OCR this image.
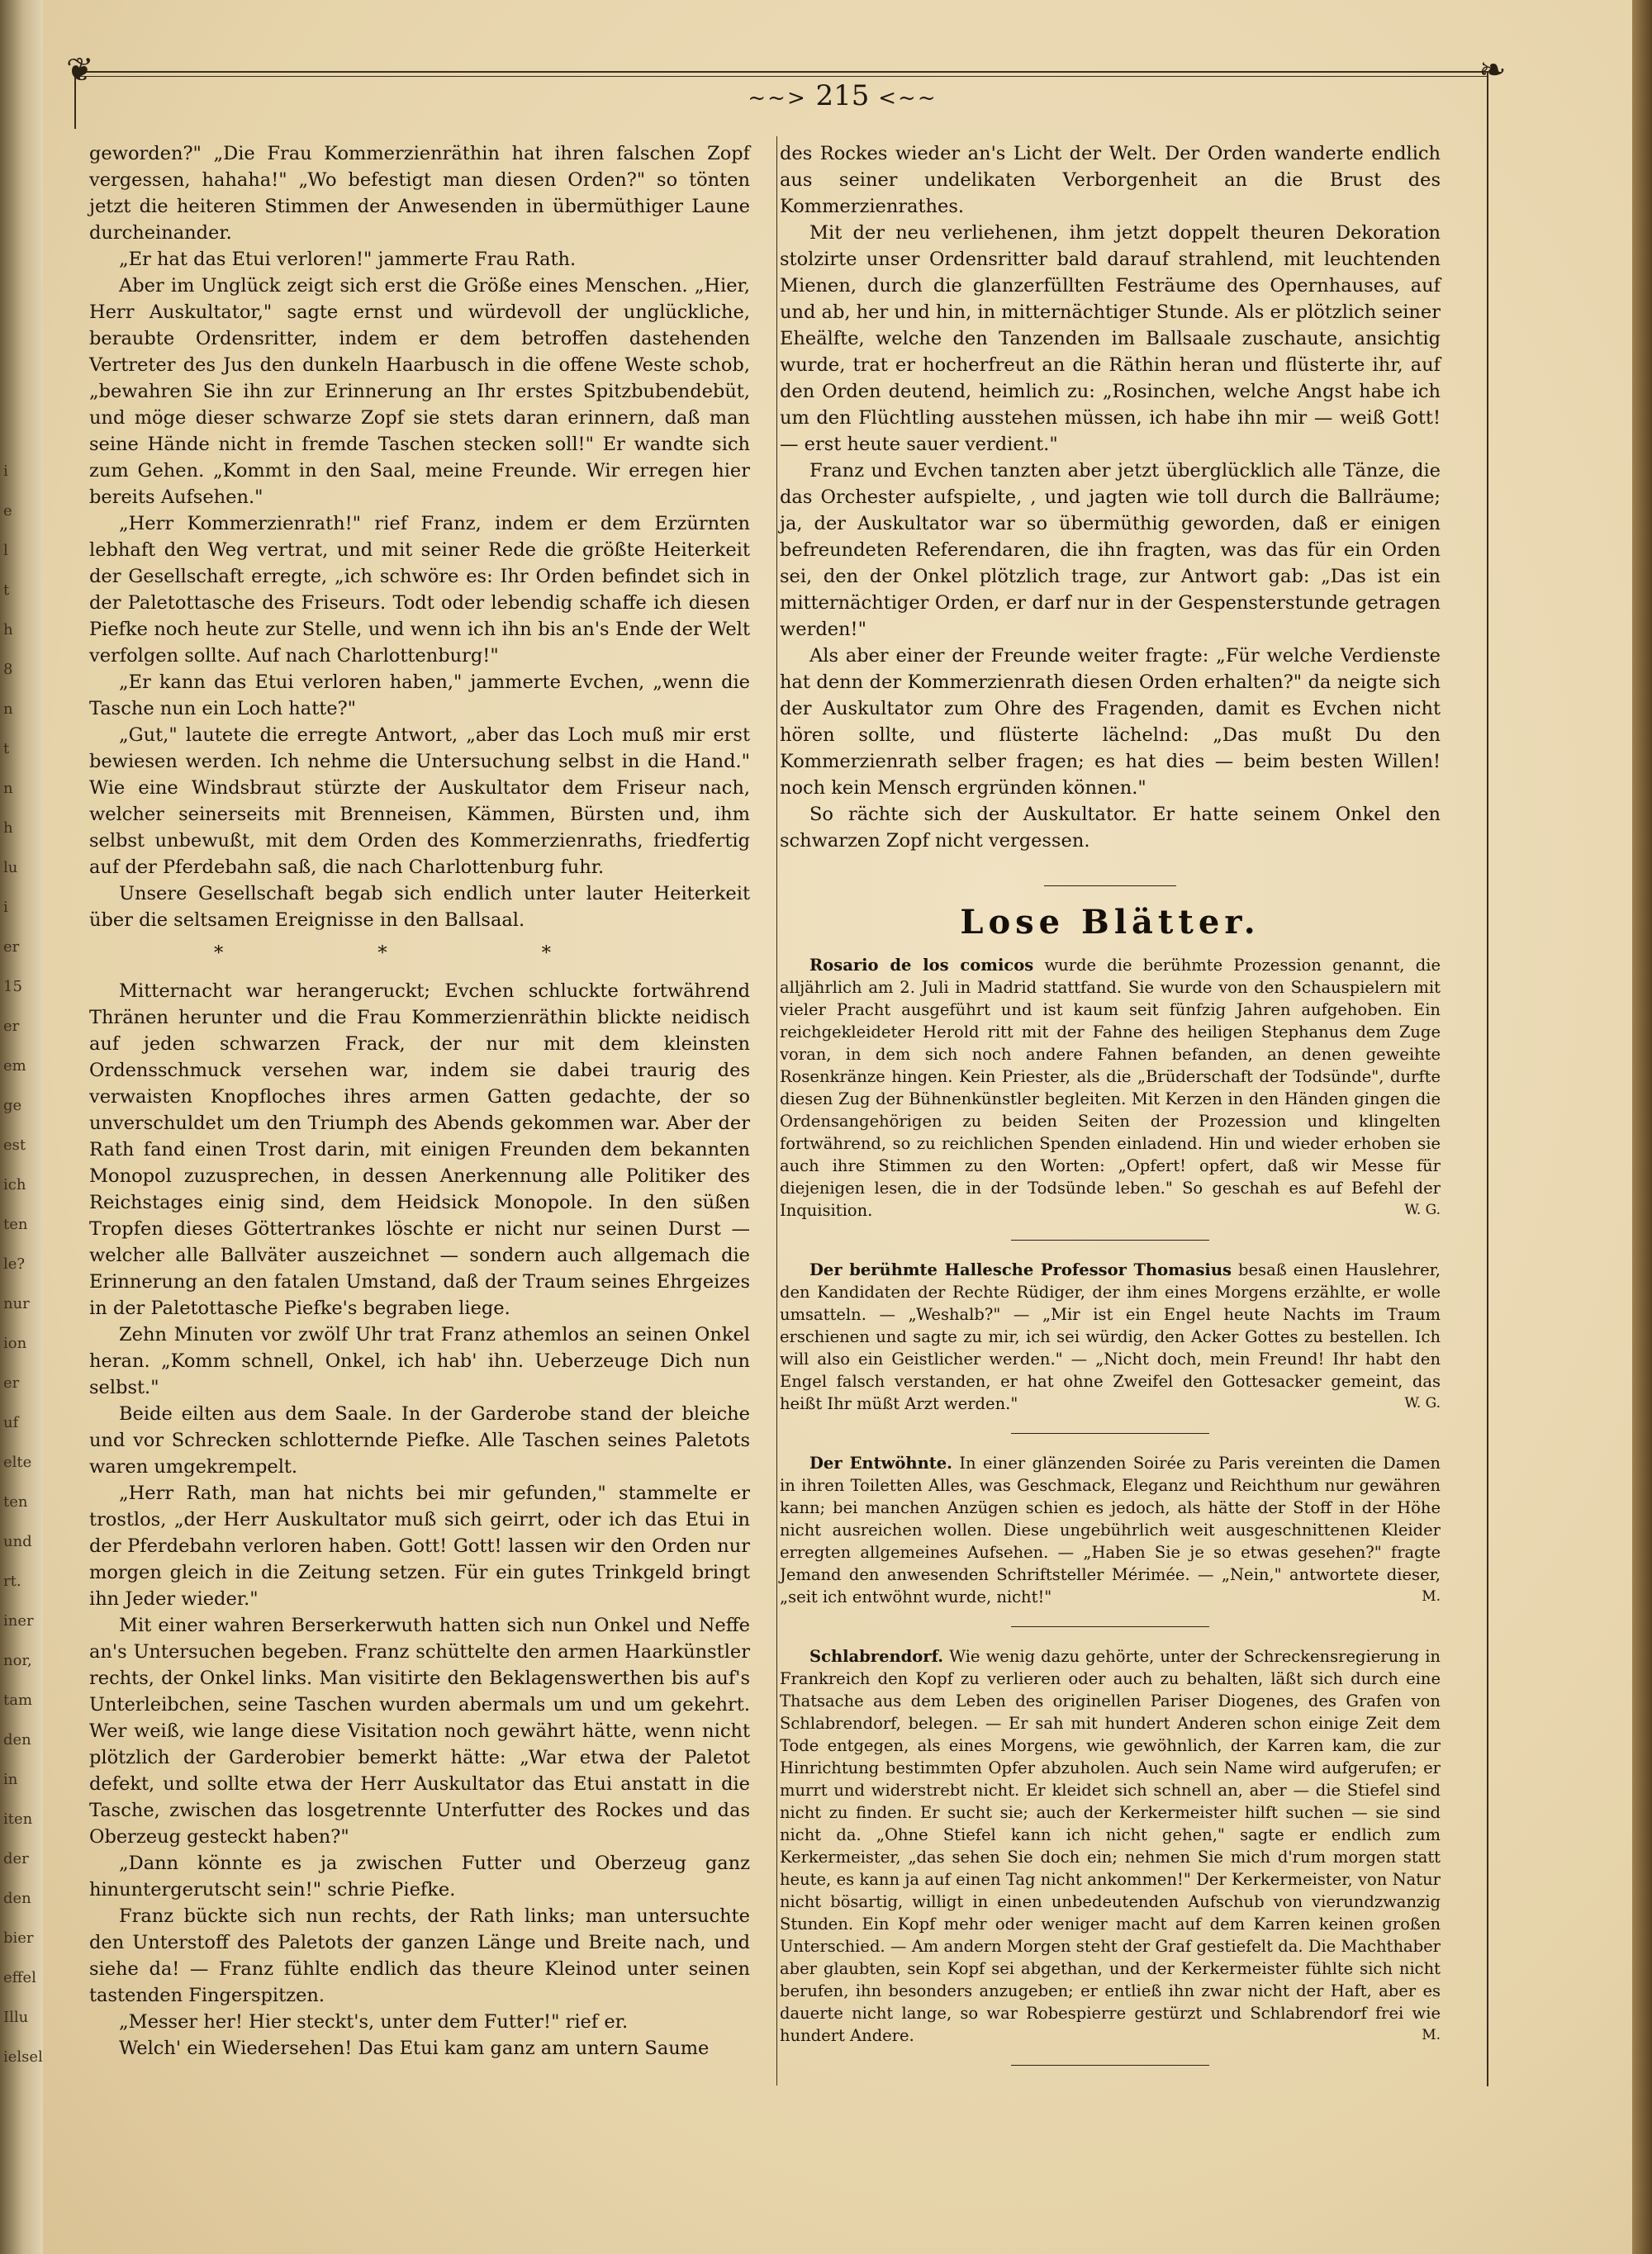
i
e
l
t
h
8
n
t
n
h
lu
i
er
15
er
em
ge
est
ich
ten
le?
nur
ion
er
uf
elte
ten
und
rt.
iner
nor,
tam
den
in
iten
der
den
bier
effel
Illu
ielsel
❦	❧
~~> 215 <~~

geworden?" „Die Frau Kommerzienräthin hat ihren falschen Zopf vergessen, hahaha!" „Wo befestigt man diesen Orden?" so tönten jetzt die heiteren Stimmen der Anwesenden in übermüthiger Laune durcheinander.

„Er hat das Etui verloren!" jammerte Frau Rath.

Aber im Unglück zeigt sich erst die Größe eines Menschen. „Hier, Herr Auskultator," sagte ernst und würdevoll der unglückliche, beraubte Ordensritter, indem er dem betroffen dastehenden Vertreter des Jus den dunkeln Haarbusch in die offene Weste schob, „bewahren Sie ihn zur Erinnerung an Ihr erstes Spitzbubendebüt, und möge dieser schwarze Zopf sie stets daran erinnern, daß man seine Hände nicht in fremde Taschen stecken soll!" Er wandte sich zum Gehen. „Kommt in den Saal, meine Freunde. Wir erregen hier bereits Aufsehen."

„Herr Kommerzienrath!" rief Franz, indem er dem Erzürnten lebhaft den Weg vertrat, und mit seiner Rede die größte Heiterkeit der Gesellschaft erregte, „ich schwöre es: Ihr Orden befindet sich in der Paletottasche des Friseurs. Todt oder lebendig schaffe ich diesen Piefke noch heute zur Stelle, und wenn ich ihn bis an's Ende der Welt verfolgen sollte. Auf nach Charlottenburg!"

„Er kann das Etui verloren haben," jammerte Evchen, „wenn die Tasche nun ein Loch hatte?"

„Gut," lautete die erregte Antwort, „aber das Loch muß mir erst bewiesen werden. Ich nehme die Untersuchung selbst in die Hand." Wie eine Windsbraut stürzte der Auskultator dem Friseur nach, welcher seinerseits mit Brenneisen, Kämmen, Bürsten und, ihm selbst unbewußt, mit dem Orden des Kommerzienraths, friedfertig auf der Pferdebahn saß, die nach Charlottenburg fuhr.

Unsere Gesellschaft begab sich endlich unter lauter Heiterkeit über die seltsamen Ereignisse in den Ballsaal.

* * *

Mitternacht war herangeruckt; Evchen schluckte fortwährend Thränen herunter und die Frau Kommerzienräthin blickte neidisch auf jeden schwarzen Frack, der nur mit dem kleinsten Ordensschmuck versehen war, indem sie dabei traurig des verwaisten Knopfloches ihres armen Gatten gedachte, der so unverschuldet um den Triumph des Abends gekommen war. Aber der Rath fand einen Trost darin, mit einigen Freunden dem bekannten Monopol zuzusprechen, in dessen Anerkennung alle Politiker des Reichstages einig sind, dem Heidsick Monopole. In den süßen Tropfen dieses Göttertrankes löschte er nicht nur seinen Durst — welcher alle Ballväter auszeichnet — sondern auch allgemach die Erinnerung an den fatalen Umstand, daß der Traum seines Ehrgeizes in der Paletottasche Piefke's begraben liege.

Zehn Minuten vor zwölf Uhr trat Franz athemlos an seinen Onkel heran. „Komm schnell, Onkel, ich hab' ihn. Ueberzeuge Dich nun selbst."

Beide eilten aus dem Saale. In der Garderobe stand der bleiche und vor Schrecken schlotternde Piefke. Alle Taschen seines Paletots waren umgekrempelt.

„Herr Rath, man hat nichts bei mir gefunden," stammelte er trostlos, „der Herr Auskultator muß sich geirrt, oder ich das Etui in der Pferdebahn verloren haben. Gott! Gott! lassen wir den Orden nur morgen gleich in die Zeitung setzen. Für ein gutes Trinkgeld bringt ihn Jeder wieder."

Mit einer wahren Berserkerwuth hatten sich nun Onkel und Neffe an's Untersuchen begeben. Franz schüttelte den armen Haarkünstler rechts, der Onkel links. Man visitirte den Beklagenswerthen bis auf's Unterleibchen, seine Taschen wurden abermals um und um gekehrt. Wer weiß, wie lange diese Visitation noch gewährt hätte, wenn nicht plötzlich der Garderobier bemerkt hätte: „War etwa der Paletot defekt, und sollte etwa der Herr Auskultator das Etui anstatt in die Tasche, zwischen das losgetrennte Unterfutter des Rockes und das Oberzeug gesteckt haben?"

„Dann könnte es ja zwischen Futter und Oberzeug ganz hinuntergerutscht sein!" schrie Piefke.

Franz bückte sich nun rechts, der Rath links; man untersuchte den Unterstoff des Paletots der ganzen Länge und Breite nach, und siehe da! — Franz fühlte endlich das theure Kleinod unter seinen tastenden Fingerspitzen.

„Messer her! Hier steckt's, unter dem Futter!" rief er.

Welch' ein Wiedersehen! Das Etui kam ganz am untern Saume

des Rockes wieder an's Licht der Welt. Der Orden wanderte endlich aus seiner undelikaten Verborgenheit an die Brust des Kommerzienrathes.

Mit der neu verliehenen, ihm jetzt doppelt theuren Dekoration stolzirte unser Ordensritter bald darauf strahlend, mit leuchtenden Mienen, durch die glanzerfüllten Festräume des Opernhauses, auf und ab, her und hin, in mitternächtiger Stunde. Als er plötzlich seiner Eheälfte, welche den Tanzenden im Ballsaale zuschaute, ansichtig wurde, trat er hocherfreut an die Räthin heran und flüsterte ihr, auf den Orden deutend, heimlich zu: „Rosinchen, welche Angst habe ich um den Flüchtling ausstehen müssen, ich habe ihn mir — weiß Gott! — erst heute sauer verdient."

Franz und Evchen tanzten aber jetzt überglücklich alle Tänze, die das Orchester aufspielte, , und jagten wie toll durch die Ballräume; ja, der Auskultator war so übermüthig geworden, daß er einigen befreundeten Referendaren, die ihn fragten, was das für ein Orden sei, den der Onkel plötzlich trage, zur Antwort gab: „Das ist ein mitternächtiger Orden, er darf nur in der Gespensterstunde getragen werden!"

Als aber einer der Freunde weiter fragte: „Für welche Verdienste hat denn der Kommerzienrath diesen Orden erhalten?" da neigte sich der Auskultator zum Ohre des Fragenden, damit es Evchen nicht hören sollte, und flüsterte lächelnd: „Das mußt Du den Kommerzienrath selber fragen; es hat dies — beim besten Willen! noch kein Mensch ergründen können."

So rächte sich der Auskultator. Er hatte seinem Onkel den schwarzen Zopf nicht vergessen.

Lose Blätter.

Rosario de los comicos wurde die berühmte Prozession genannt, die alljährlich am 2. Juli in Madrid stattfand. Sie wurde von den Schauspielern mit vieler Pracht ausgeführt und ist kaum seit fünfzig Jahren aufgehoben. Ein reichgekleideter Herold ritt mit der Fahne des heiligen Stephanus dem Zuge voran, in dem sich noch andere Fahnen befanden, an denen geweihte Rosenkränze hingen. Kein Priester, als die „Brüderschaft der Todsünde", durfte diesen Zug der Bühnenkünstler begleiten. Mit Kerzen in den Händen gingen die Ordensangehörigen zu beiden Seiten der Prozession und klingelten fortwährend, so zu reichlichen Spenden einladend. Hin und wieder erhoben sie auch ihre Stimmen zu den Worten: „Opfert! opfert, daß wir Messe für diejenigen lesen, die in der Todsünde leben." So geschah es auf Befehl der Inquisition.	W. G.

Der berühmte Hallesche Professor Thomasius besaß einen Hauslehrer, den Kandidaten der Rechte Rüdiger, der ihm eines Morgens erzählte, er wolle umsatteln. — „Weshalb?" — „Mir ist ein Engel heute Nachts im Traum erschienen und sagte zu mir, ich sei würdig, den Acker Gottes zu bestellen. Ich will also ein Geistlicher werden." — „Nicht doch, mein Freund! Ihr habt den Engel falsch verstanden, er hat ohne Zweifel den Gottesacker gemeint, das heißt Ihr müßt Arzt werden."	W. G.

Der Entwöhnte. In einer glänzenden Soirée zu Paris vereinten die Damen in ihren Toiletten Alles, was Geschmack, Eleganz und Reichthum nur gewähren kann; bei manchen Anzügen schien es jedoch, als hätte der Stoff in der Höhe nicht ausreichen wollen. Diese ungebührlich weit ausgeschnittenen Kleider erregten allgemeines Aufsehen. — „Haben Sie je so etwas gesehen?" fragte Jemand den anwesenden Schriftsteller Mérimée. — „Nein," antwortete dieser, „seit ich entwöhnt wurde, nicht!"	M.

Schlabrendorf. Wie wenig dazu gehörte, unter der Schreckensregierung in Frankreich den Kopf zu verlieren oder auch zu behalten, läßt sich durch eine Thatsache aus dem Leben des originellen Pariser Diogenes, des Grafen von Schlabrendorf, belegen. — Er sah mit hundert Anderen schon einige Zeit dem Tode entgegen, als eines Morgens, wie gewöhnlich, der Karren kam, die zur Hinrichtung bestimmten Opfer abzuholen. Auch sein Name wird aufgerufen; er murrt und widerstrebt nicht. Er kleidet sich schnell an, aber — die Stiefel sind nicht zu finden. Er sucht sie; auch der Kerkermeister hilft suchen — sie sind nicht da. „Ohne Stiefel kann ich nicht gehen," sagte er endlich zum Kerkermeister, „das sehen Sie doch ein; nehmen Sie mich d'rum morgen statt heute, es kann ja auf einen Tag nicht ankommen!" Der Kerkermeister, von Natur nicht bösartig, willigt in einen unbedeutenden Aufschub von vierundzwanzig Stunden. Ein Kopf mehr oder weniger macht auf dem Karren keinen großen Unterschied. — Am andern Morgen steht der Graf gestiefelt da. Die Machthaber aber glaubten, sein Kopf sei abgethan, und der Kerkermeister fühlte sich nicht berufen, ihn besonders anzugeben; er entließ ihn zwar nicht der Haft, aber es dauerte nicht lange, so war Robespierre gestürzt und Schlabrendorf frei wie hundert Andere.	M.
